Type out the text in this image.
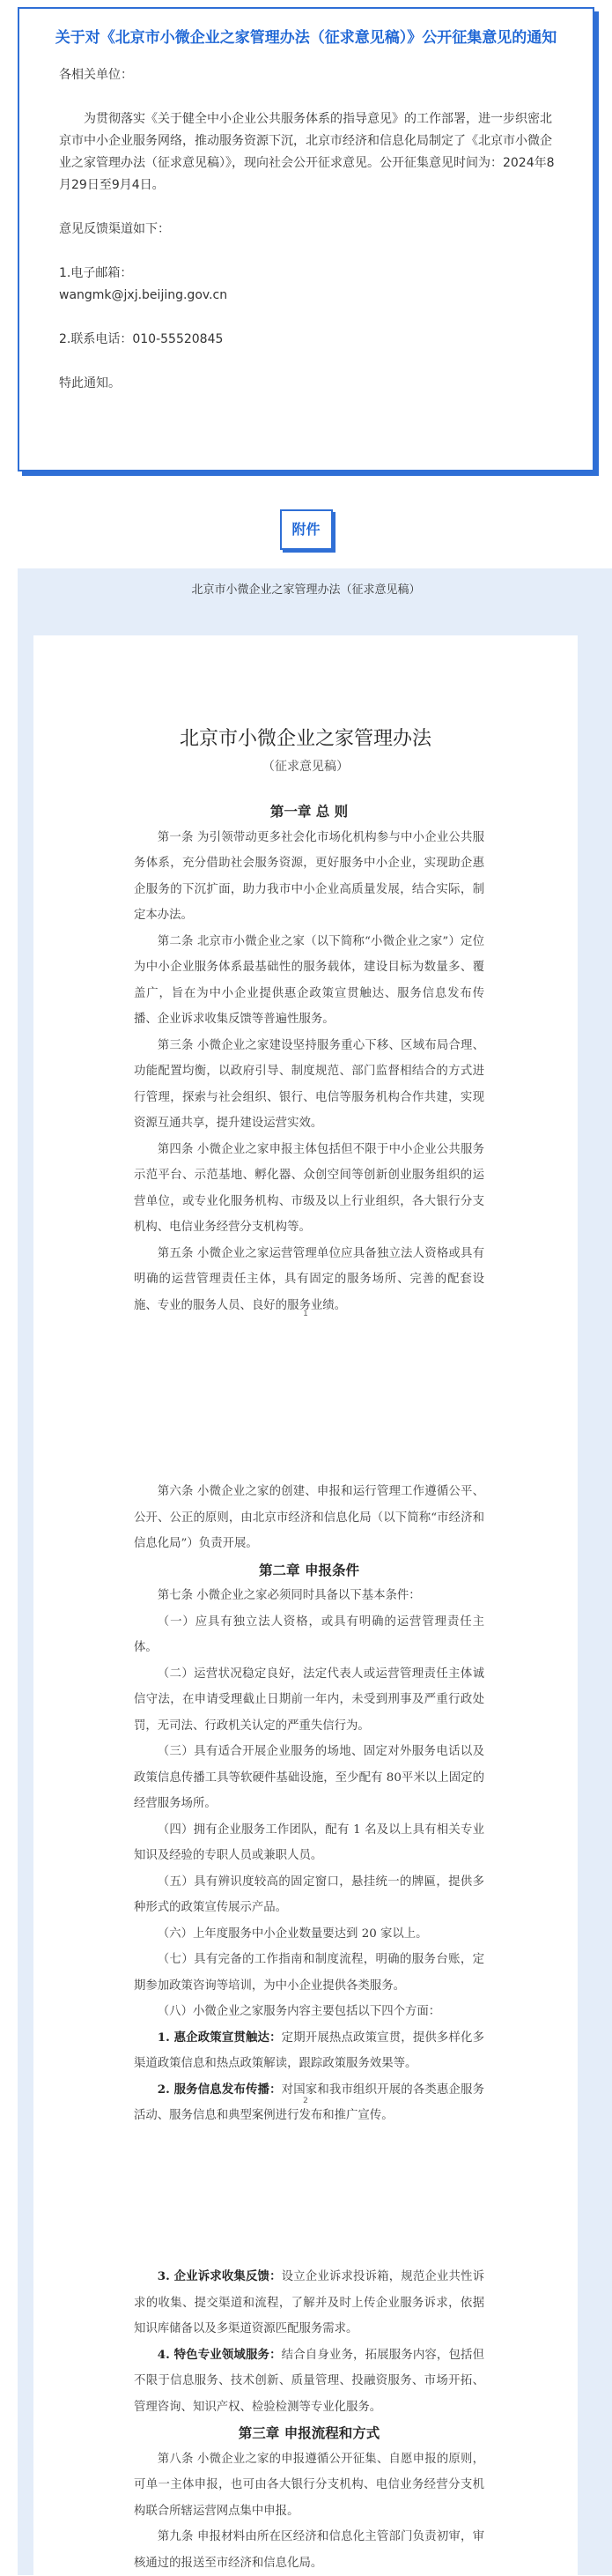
关于对《北京市小微企业之家管理办法（征求意见稿）》公开征集意见的通知

各相关单位：

为贯彻落实《关于健全中小企业公共服务体系的指导意见》的工作部署，进一步织密北京市中小企业服务网络，推动服务资源下沉，北京市经济和信息化局制定了《北京市小微企业之家管理办法（征求意见稿）》，现向社会公开征求意见。公开征集意见时间为：2024年8月29日至9月4日。

意见反馈渠道如下：

1.电子邮箱：

wangmk@jxj.beijing.gov.cn

2.联系电话：010-55520845

特此通知。

附件
北京市小微企业之家管理办法（征求意见稿）
北京市小微企业之家管理办法
（征求意见稿）

第一章 总 则

第一条 为引领带动更多社会化市场化机构参与中小企业公共服务体系，充分借助社会服务资源，更好服务中小企业，实现助企惠企服务的下沉扩面，助力我市中小企业高质量发展，结合实际，制定本办法。

第二条 北京市小微企业之家（以下简称“小微企业之家”）定位为中小企业服务体系最基础性的服务载体，建设目标为数量多、覆盖广，旨在为中小企业提供惠企政策宣贯触达、服务信息发布传播、企业诉求收集反馈等普遍性服务。

第三条 小微企业之家建设坚持服务重心下移、区域布局合理、功能配置均衡，以政府引导、制度规范、部门监督相结合的方式进行管理，探索与社会组织、银行、电信等服务机构合作共建，实现资源互通共享，提升建设运营实效。

第四条 小微企业之家申报主体包括但不限于中小企业公共服务示范平台、示范基地、孵化器、众创空间等创新创业服务组织的运营单位，或专业化服务机构、市级及以上行业组织，各大银行分支机构、电信业务经营分支机构等。

第五条 小微企业之家运营管理单位应具备独立法人资格或具有明确的运营管理责任主体，具有固定的服务场所、完善的配套设施、专业的服务人员、良好的服务业绩。

1

第六条 小微企业之家的创建、申报和运行管理工作遵循公平、公开、公正的原则，由北京市经济和信息化局（以下简称“市经济和信息化局”）负责开展。

第二章 申报条件

第七条 小微企业之家必须同时具备以下基本条件：

（一）应具有独立法人资格，或具有明确的运营管理责任主体。

（二）运营状况稳定良好，法定代表人或运营管理责任主体诚信守法，在申请受理截止日期前一年内，未受到刑事及严重行政处罚，无司法、行政机关认定的严重失信行为。

（三）具有适合开展企业服务的场地、固定对外服务电话以及政策信息传播工具等软硬件基础设施，至少配有 80平米以上固定的经营服务场所。

（四）拥有企业服务工作团队，配有 1 名及以上具有相关专业知识及经验的专职人员或兼职人员。

（五）具有辨识度较高的固定窗口，悬挂统一的牌匾，提供多种形式的政策宣传展示产品。

（六）上年度服务中小企业数量要达到 20 家以上。

（七）具有完备的工作指南和制度流程，明确的服务台账，定期参加政策咨询等培训，为中小企业提供各类服务。

（八）小微企业之家服务内容主要包括以下四个方面：

1. 惠企政策宣贯触达：定期开展热点政策宣贯，提供多样化多渠道政策信息和热点政策解读，跟踪政策服务效果等。

2. 服务信息发布传播：对国家和我市组织开展的各类惠企服务活动、服务信息和典型案例进行发布和推广宣传。

2

3. 企业诉求收集反馈：设立企业诉求投诉箱，规范企业共性诉求的收集、提交渠道和流程，了解并及时上传企业服务诉求，依据知识库储备以及多渠道资源匹配服务需求。

4. 特色专业领域服务：结合自身业务，拓展服务内容，包括但不限于信息服务、技术创新、质量管理、投融资服务、市场开拓、管理咨询、知识产权、检验检测等专业化服务。

第三章 申报流程和方式

第八条 小微企业之家的申报遵循公开征集、自愿申报的原则，可单一主体申报，也可由各大银行分支机构、电信业务经营分支机构联合所辖运营网点集中申报。

第九条 申报材料由所在区经济和信息化主管部门负责初审，审核通过的报送至市经济和信息化局。
